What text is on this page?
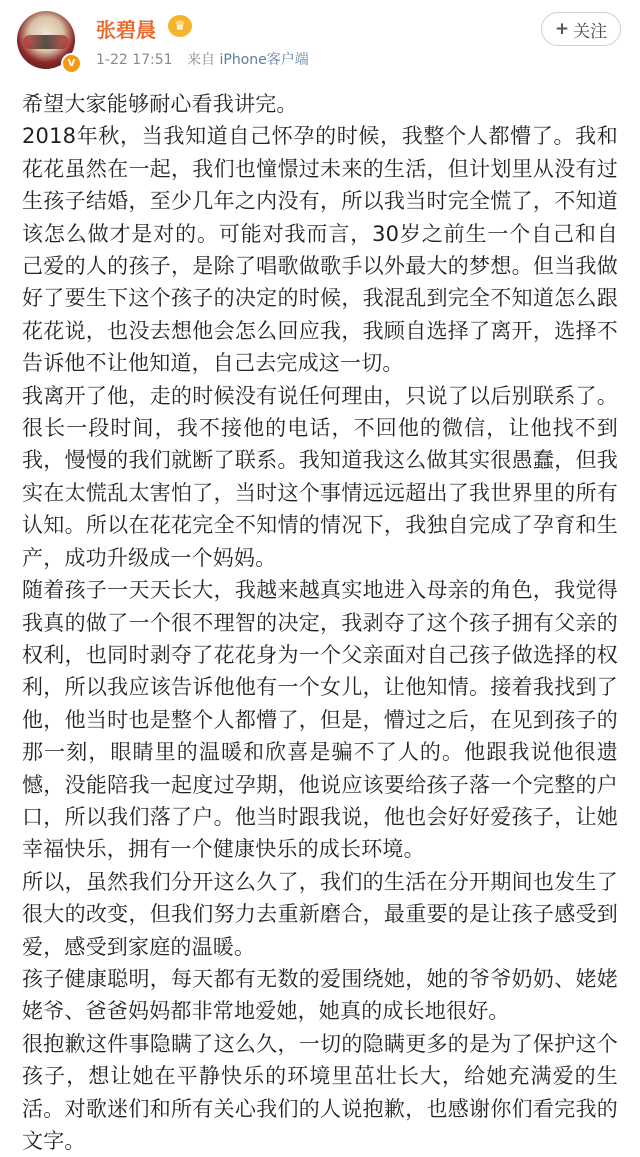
V
张碧晨	♛
1-22 17:51 来自 iPhone客户端
+ 关注

希望大家能够耐心看我讲完。

2018年秋，当我知道自己怀孕的时候，我整个人都懵了。我和花花虽然在一起，我们也憧憬过未来的生活，但计划里从没有过生孩子结婚，至少几年之内没有，所以我当时完全慌了，不知道该怎么做才是对的。可能对我而言，30岁之前生一个自己和自己爱的人的孩子，是除了唱歌做歌手以外最大的梦想。但当我做好了要生下这个孩子的决定的时候，我混乱到完全不知道怎么跟花花说，也没去想他会怎么回应我，我顾自选择了离开，选择不告诉他不让他知道，自己去完成这一切。

我离开了他，走的时候没有说任何理由，只说了以后别联系了。很长一段时间，我不接他的电话，不回他的微信，让他找不到我，慢慢的我们就断了联系。我知道我这么做其实很愚蠢，但我实在太慌乱太害怕了，当时这个事情远远超出了我世界里的所有认知。所以在花花完全不知情的情况下，我独自完成了孕育和生产，成功升级成一个妈妈。

随着孩子一天天长大，我越来越真实地进入母亲的角色，我觉得我真的做了一个很不理智的决定，我剥夺了这个孩子拥有父亲的权利，也同时剥夺了花花身为一个父亲面对自己孩子做选择的权利，所以我应该告诉他他有一个女儿，让他知情。接着我找到了他，他当时也是整个人都懵了，但是，懵过之后，在见到孩子的那一刻，眼睛里的温暖和欣喜是骗不了人的。他跟我说他很遗憾，没能陪我一起度过孕期，他说应该要给孩子落一个完整的户口，所以我们落了户。他当时跟我说，他也会好好爱孩子，让她幸福快乐，拥有一个健康快乐的成长环境。

所以，虽然我们分开这么久了，我们的生活在分开期间也发生了很大的改变，但我们努力去重新磨合，最重要的是让孩子感受到爱，感受到家庭的温暖。

孩子健康聪明，每天都有无数的爱围绕她，她的爷爷奶奶、姥姥姥爷、爸爸妈妈都非常地爱她，她真的成长地很好。

很抱歉这件事隐瞒了这么久，一切的隐瞒更多的是为了保护这个孩子，想让她在平静快乐的环境里茁壮长大，给她充满爱的生活。对歌迷们和所有关心我们的人说抱歉，也感谢你们看完我的文字。
